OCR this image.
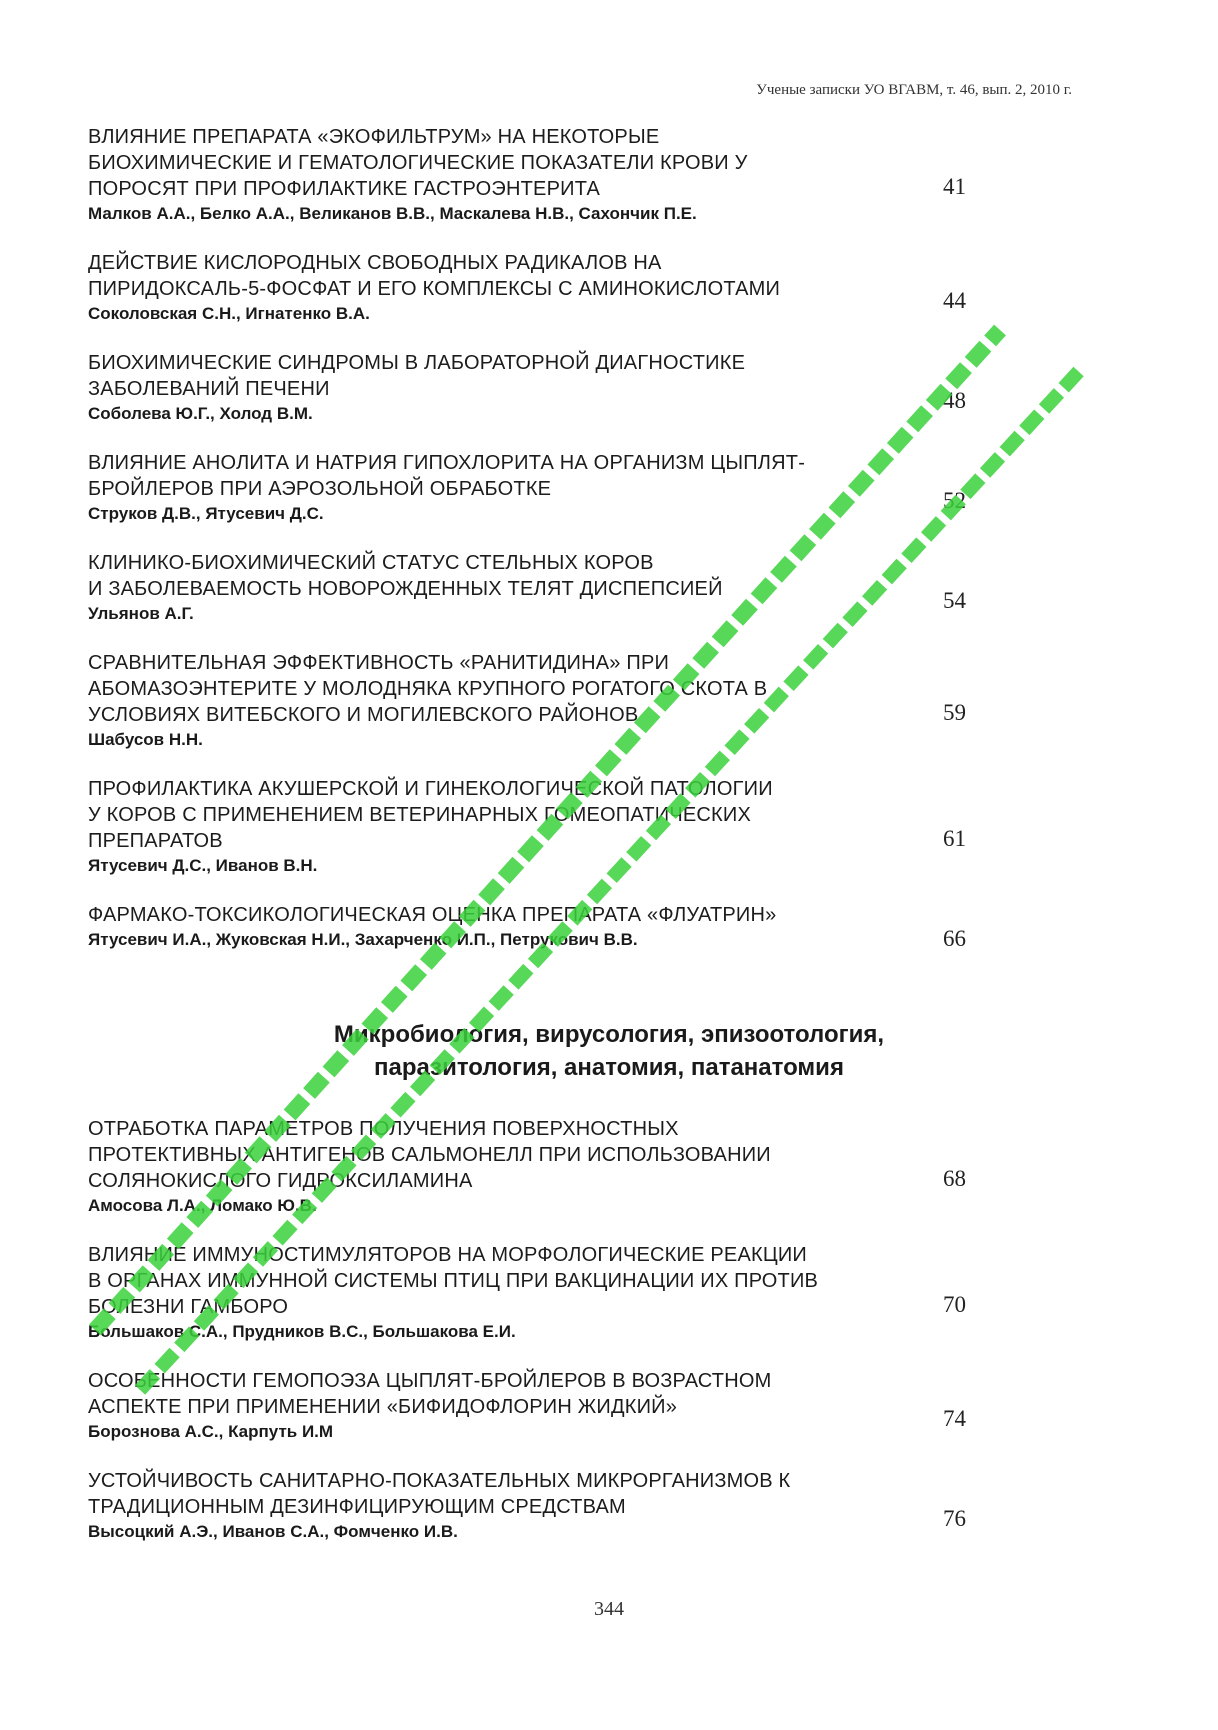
Ученые записки УО ВГАВМ, т. 46, вып. 2, 2010 г.
ВЛИЯНИЕ ПРЕПАРАТА «ЭКОФИЛЬТРУМ» НА НЕКОТОРЫЕ
БИОХИМИЧЕСКИЕ И ГЕМАТОЛОГИЧЕСКИЕ ПОКАЗАТЕЛИ КРОВИ У
ПОРОСЯТ ПРИ ПРОФИЛАКТИКЕ ГАСТРОЭНТЕРИТА
Малков А.А., Белко А.А., Великанов В.В., Маскалева Н.В., Сахончик П.Е.
41
ДЕЙСТВИЕ КИСЛОРОДНЫХ СВОБОДНЫХ РАДИКАЛОВ НА
ПИРИДОКСАЛЬ-5-ФОСФАТ И ЕГО КОМПЛЕКСЫ С АМИНОКИСЛОТАМИ
Соколовская С.Н., Игнатенко В.А.
44
БИОХИМИЧЕСКИЕ СИНДРОМЫ В ЛАБОРАТОРНОЙ ДИАГНОСТИКЕ
ЗАБОЛЕВАНИЙ ПЕЧЕНИ
Соболева Ю.Г., Холод В.М.
48
ВЛИЯНИЕ АНОЛИТА И НАТРИЯ ГИПОХЛОРИТА НА ОРГАНИЗМ ЦЫПЛЯТ-
БРОЙЛЕРОВ ПРИ АЭРОЗОЛЬНОЙ ОБРАБОТКЕ
Струков Д.В., Ятусевич Д.С.
52
КЛИНИКО-БИОХИМИЧЕСКИЙ СТАТУС СТЕЛЬНЫХ КОРОВ
И ЗАБОЛЕВАЕМОСТЬ НОВОРОЖДЕННЫХ ТЕЛЯТ ДИСПЕПСИЕЙ
Ульянов А.Г.
54
СРАВНИТЕЛЬНАЯ ЭФФЕКТИВНОСТЬ «РАНИТИДИНА» ПРИ
АБОМАЗОЭНТЕРИТЕ У МОЛОДНЯКА КРУПНОГО РОГАТОГО СКОТА В
УСЛОВИЯХ ВИТЕБСКОГО И МОГИЛЕВСКОГО РАЙОНОВ
Шабусов Н.Н.
59
ПРОФИЛАКТИКА АКУШЕРСКОЙ И ГИНЕКОЛОГИЧЕСКОЙ ПАТОЛОГИИ
У КОРОВ С ПРИМЕНЕНИЕМ ВЕТЕРИНАРНЫХ ГОМЕОПАТИЧЕСКИХ
ПРЕПАРАТОВ
Ятусевич Д.С., Иванов В.Н.
61
ФАРМАКО-ТОКСИКОЛОГИЧЕСКАЯ ОЦЕНКА ПРЕПАРАТА «ФЛУАТРИН»
Ятусевич И.А., Жуковская Н.И., Захарченко И.П., Петрукович В.В.	66
Микробиология, вирусология, эпизоотология,
паразитология, анатомия, патанатомия
ОТРАБОТКА ПАРАМЕТРОВ ПОЛУЧЕНИЯ ПОВЕРХНОСТНЫХ
ПРОТЕКТИВНЫХ АНТИГЕНОВ САЛЬМОНЕЛЛ ПРИ ИСПОЛЬЗОВАНИИ
СОЛЯНОКИСЛОГО ГИДРОКСИЛАМИНА
Амосова Л.А., Ломако Ю.В.
68
ВЛИЯНИЕ ИММУНОСТИМУЛЯТОРОВ НА МОРФОЛОГИЧЕСКИЕ РЕАКЦИИ
В ОРГАНАХ ИММУННОЙ СИСТЕМЫ ПТИЦ ПРИ ВАКЦИНАЦИИ ИХ ПРОТИВ
БОЛЕЗНИ ГАМБОРО
Большаков С.А., Прудников В.С., Большакова Е.И.
70
ОСОБЕННОСТИ ГЕМОПОЭЗА ЦЫПЛЯТ-БРОЙЛЕРОВ В ВОЗРАСТНОМ
АСПЕКТЕ ПРИ ПРИМЕНЕНИИ «БИФИДОФЛОРИН ЖИДКИЙ»
Борознова А.С., Карпуть И.М
74
УСТОЙЧИВОСТЬ САНИТАРНО-ПОКАЗАТЕЛЬНЫХ МИКРОРГАНИЗМОВ К
ТРАДИЦИОННЫМ ДЕЗИНФИЦИРУЮЩИМ СРЕДСТВАМ
Высоцкий А.Э., Иванов С.А., Фомченко И.В.
76
344
